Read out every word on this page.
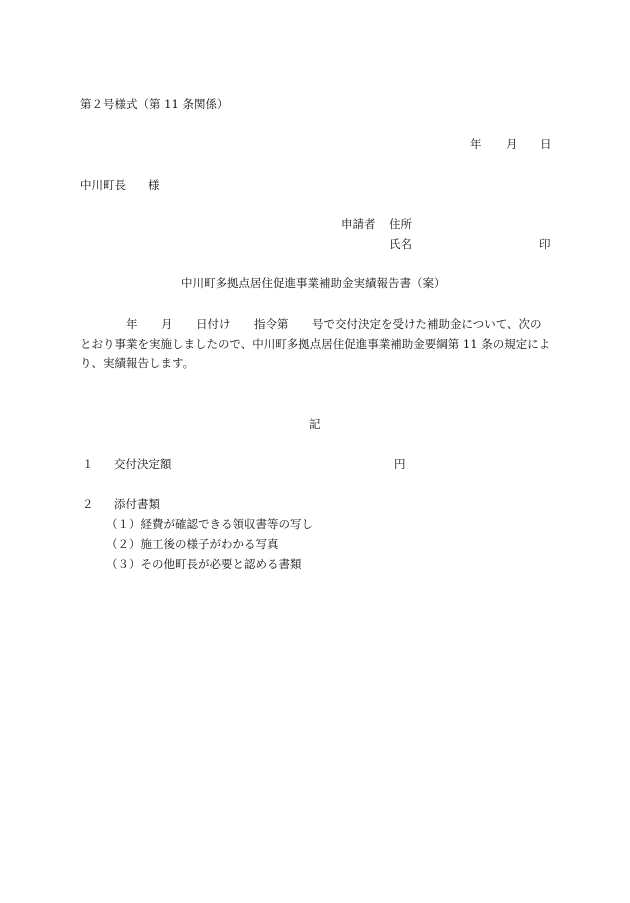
第２号様式（第 11 条関係）
年 月 日
中川町長 様
申請者 住所
氏名	印
中川町多拠点居住促進事業補助金実績報告書（案）
年 月 日付け 指令第 号で交付決定を受けた補助金について、次の
とおり事業を実施しましたので、中川町多拠点居住促進事業補助金要綱第 11 条の規定によ
り、実績報告します。
記
１ 交付決定額	円
２ 添付書類
（１）経費が確認できる領収書等の写し
（２）施工後の様子がわかる写真
（３）その他町長が必要と認める書類
